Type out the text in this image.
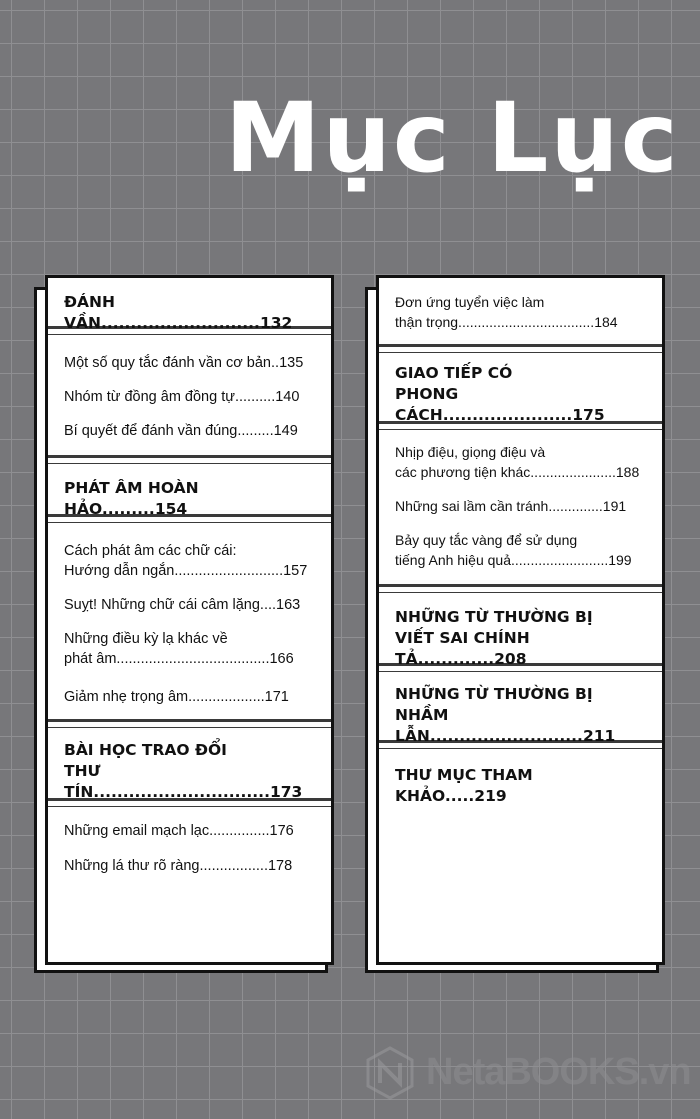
Mục Lục
ĐÁNH VẦN...........................132
Một số quy tắc đánh vần cơ bản..135
Nhóm từ đồng âm đồng tự..........140
Bí quyết để đánh vần đúng.........149
PHÁT ÂM HOÀN HẢO.........154
Cách phát âm các chữ cái:
Hướng dẫn ngắn...........................157
Suỵt! Những chữ cái câm lặng....163
Những điều kỳ lạ khác về
phát âm......................................166
Giảm nhẹ trọng âm...................171
BÀI HỌC TRAO ĐỔI
THƯ TÍN..............................173
Những email mạch lạc...............176
Những lá thư rõ ràng.................178
Đơn ứng tuyển việc làm
thận trọng...................................184
GIAO TIẾP CÓ
PHONG CÁCH......................175
Nhịp điệu, giọng điệu và
các phương tiện khác......................188
Những sai lầm cần tránh..............191
Bảy quy tắc vàng để sử dụng
tiếng Anh hiệu quả.........................199
NHỮNG TỪ THƯỜNG BỊ
VIẾT SAI CHÍNH TẢ.............208
NHỮNG TỪ THƯỜNG BỊ
NHẦM LẪN..........................211
THƯ MỤC THAM KHẢO.....219
NetaBOOKS.vn
